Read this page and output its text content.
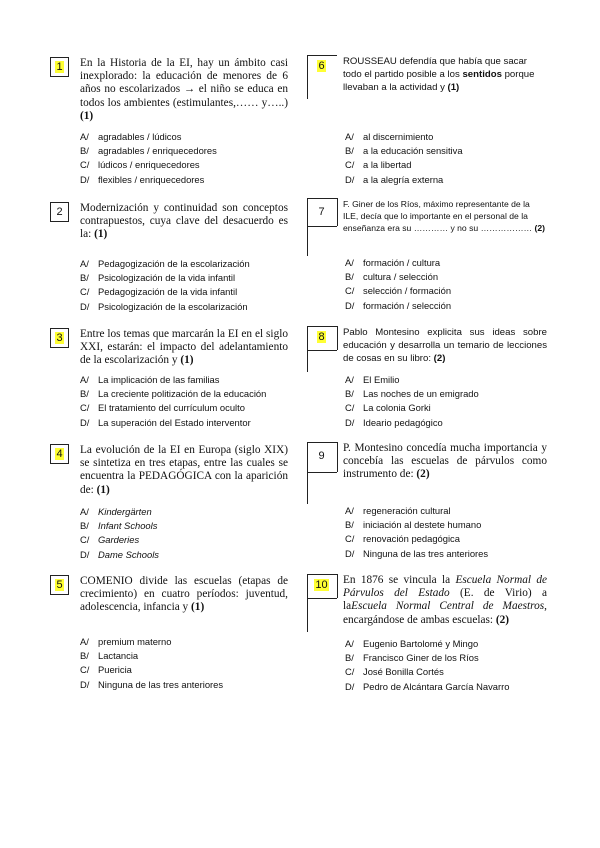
1	En la Historia de la EI, hay un ámbito casi inexplorado: la educación de menores de 6 años no escolarizados → el niño se educa en todos los ambientes (estimulantes,…… y…..) (1)
A/ agradables / lúdicos
B/ agradables / enriquecedores
C/ lúdicos / enriquecedores
D/ flexibles / enriquecedores
2	Modernización y continuidad son conceptos contrapuestos, cuya clave del desacuerdo es la: (1)
A/ Pedagogización de la escolarización
B/ Psicologización de la vida infantil
C/ Pedagogización de la vida infantil
D/ Psicologización de la escolarización
3	Entre los temas que marcarán la EI en el siglo XXI, estarán: el impacto del adelantamiento de la escolarización y (1)
A/ La implicación de las familias
B/ La creciente politización de la educación
C/ El tratamiento del currículum oculto
D/ La superación del Estado interventor
4	La evolución de la EI en Europa (siglo XIX) se sintetiza en tres etapas, entre las cuales se encuentra la PEDAGÓGICA con la aparición de: (1)
A/ Kindergärten
B/ Infant Schools
C/ Garderies
D/ Dame Schools
5	COMENIO divide las escuelas (etapas de crecimiento) en cuatro períodos: juventud, adolescencia, infancia y (1)
A/ premium materno
B/ Lactancia
C/ Puericia
D/ Ninguna de las tres anteriores
6	ROUSSEAU defendía que había que sacar todo el partido posible a los sentidos porque llevaban a la actividad y (1)
A/ al discernimiento
B/ a la educación sensitiva
C/ a la libertad
D/ a la alegría externa
7
F. Giner de los Ríos, máximo representante de la ILE, decía que lo importante en el personal de la enseñanza era su ………… y no su ……………… (2)
A/ formación / cultura
B/ cultura / selección
C/ selección / formación
D/ formación / selección
8	Pablo Montesino explicita sus ideas sobre educación y desarrolla un temario de lecciones de cosas en su libro: (2)
A/ El Emilio
B/ Las noches de un emigrado
C/ La colonia Gorki
D/ Ideario pedagógico
9
P. Montesino concedía mucha importancia y concebía las escuelas de párvulos como instrumento de: (2)
A/ regeneración cultural
B/ iniciación al destete humano
C/ renovación pedagógica
D/ Ninguna de las tres anteriores
10 En 1876 se vincula la Escuela Normal de Párvulos del Estado (E. de Virio) a laEscuela Normal Central de Maestros, encargándose de ambas escuelas: (2)
A/ Eugenio Bartolomé y Mingo
B/ Francisco Giner de los Ríos
C/ José Bonilla Cortés
D/ Pedro de Alcántara García Navarro
